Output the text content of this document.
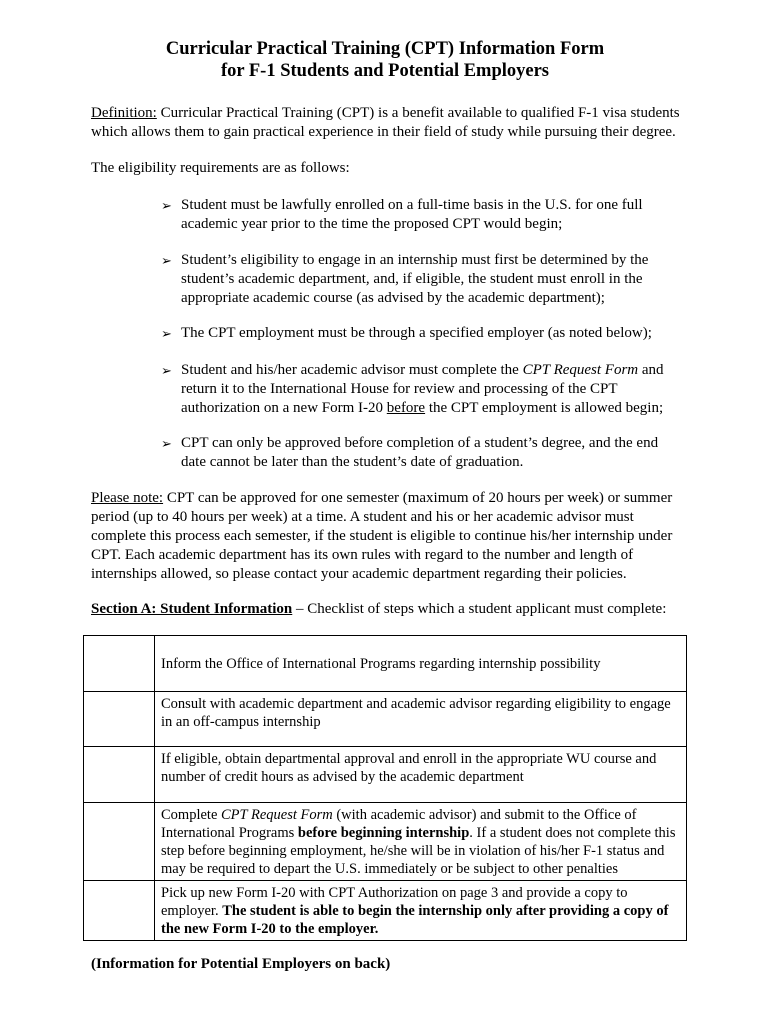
Curricular Practical Training (CPT) Information Form
for F-1 Students and Potential Employers
Definition: Curricular Practical Training (CPT) is a benefit available to qualified F-1 visa students which allows them to gain practical experience in their field of study while pursuing their degree.
The eligibility requirements are as follows:
➢ Student must be lawfully enrolled on a full-time basis in the U.S. for one full academic year prior to the time the proposed CPT would begin;
➢ Student’s eligibility to engage in an internship must first be determined by the student’s academic department, and, if eligible, the student must enroll in the appropriate academic course (as advised by the academic department);
➢ The CPT employment must be through a specified employer (as noted below);
➢ Student and his/her academic advisor must complete the CPT Request Form and return it to the International House for review and processing of the CPT authorization on a new Form I-20 before the CPT employment is allowed begin;
➢ CPT can only be approved before completion of a student’s degree, and the end date cannot be later than the student’s date of graduation.
Please note: CPT can be approved for one semester (maximum of 20 hours per week) or summer period (up to 40 hours per week) at a time. A student and his or her academic advisor must complete this process each semester, if the student is eligible to continue his/her internship under CPT. Each academic department has its own rules with regard to the number and length of internships allowed, so please contact your academic department regarding their policies.
Section A: Student Information – Checklist of steps which a student applicant must complete:
	Inform the Office of International Programs regarding internship possibility
	Consult with academic department and academic advisor regarding eligibility to engage in an off-campus internship
	If eligible, obtain departmental approval and enroll in the appropriate WU course and number of credit hours as advised by the academic department
	Complete CPT Request Form (with academic advisor) and submit to the Office of International Programs before beginning internship. If a student does not complete this step before beginning employment, he/she will be in violation of his/her F-1 status and may be required to depart the U.S. immediately or be subject to other penalties
	Pick up new Form I-20 with CPT Authorization on page 3 and provide a copy to employer. The student is able to begin the internship only after providing a copy of the new Form I-20 to the employer.
(Information for Potential Employers on back)
